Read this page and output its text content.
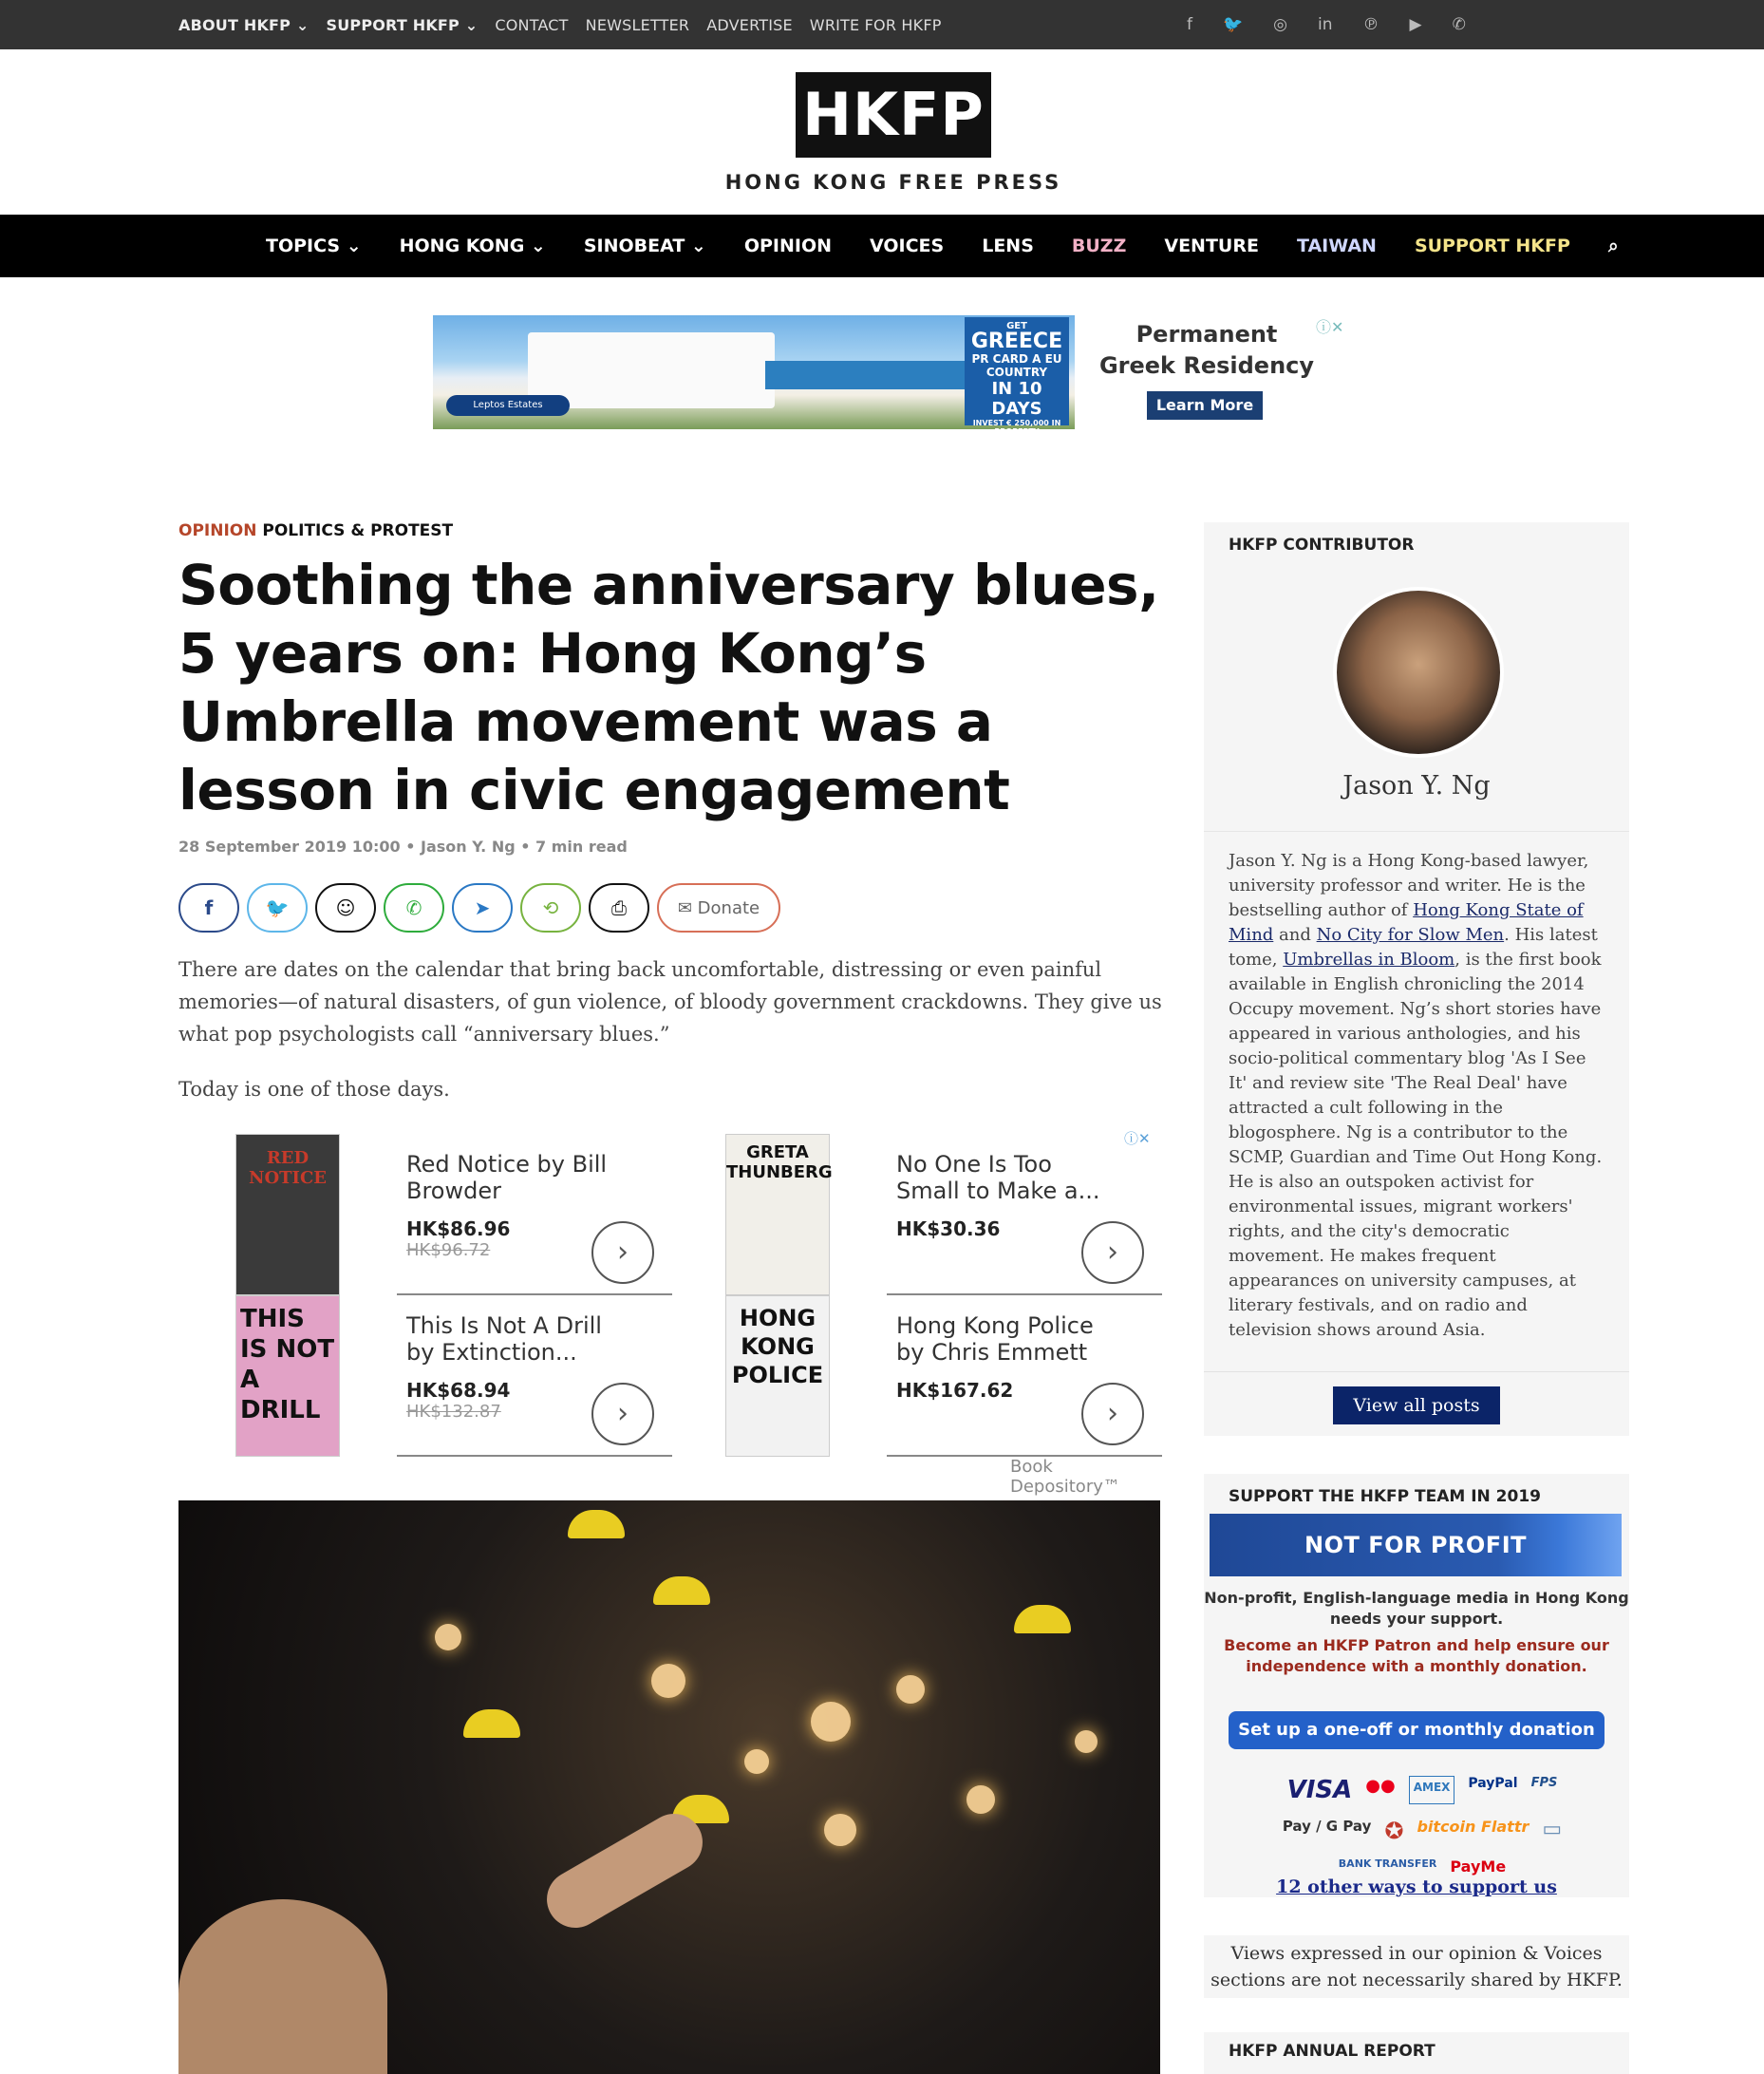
ABOUT HKFP ⌄ SUPPORT HKFP ⌄ CONTACT NEWSLETTER ADVERTISE WRITE FOR HKFP	f 🐦 ◎ in ℗ ▶ ✆
HKFP
HONG KONG FREE PRESS
TOPICS ⌄ HONG KONG ⌄ SINOBEAT ⌄ OPINION VOICES LENS BUZZ VENTURE TAIWAN SUPPORT HKFP ⌕
Leptos Estates
GET
GREECE
PR CARD A EU COUNTRY
IN 10 DAYS
INVEST € 250,000 IN PROPERTY
Permanent Greek Residency
Learn More
ⓘ✕
OPINION POLITICS & PROTEST
Soothing the anniversary blues, 5 years on: Hong Kong’s Umbrella movement was a lesson in civic engagement
28 September 2019 10:00 • Jason Y. Ng • 7 min read
f	🐦	☺	✆	➤	⟲	⎙	✉ Donate

There are dates on the calendar that bring back uncomfortable, distressing or even painful memories—of natural disasters, of gun violence, of bloody government crackdowns. They give us what pop psychologists call “anniversary blues.”

Today is one of those days.

RED NOTICE
Red Notice by Bill Browder
HK$86.96
HK$96.72	›
GRETA THUNBERG	No One Is Too Small to Make a...
HK$30.36
›
THIS IS NOT A DRILL
This Is Not A Drill by Extinction...
HK$68.94
HK$132.87	›
HONG KONG POLICE
Hong Kong Police by Chris Emmett
HK$167.62
›
ⓘ✕
Book Depository™
HKFP CONTRIBUTOR
Jason Y. Ng
Jason Y. Ng is a Hong Kong-based lawyer, university professor and writer. He is the bestselling author of Hong Kong State of Mind and No City for Slow Men. His latest tome, Umbrellas in Bloom, is the first book available in English chronicling the 2014 Occupy movement. Ng’s short stories have appeared in various anthologies, and his socio-political commentary blog 'As I See It' and review site 'The Real Deal' have attracted a cult following in the blogosphere. Ng is a contributor to the SCMP, Guardian and Time Out Hong Kong. He is also an outspoken activist for environmental issues, migrant workers' rights, and the city's democratic movement. He makes frequent appearances on university campuses, at literary festivals, and on radio and television shows around Asia.
View all posts
SUPPORT THE HKFP TEAM IN 2019
NOT FOR PROFIT
Non-profit, English-language media in Hong Kong needs your support.
Become an HKFP Patron and help ensure our independence with a monthly donation.
Set up a one-off or monthly donation
VISA ●●	AMEX	PayPal FPS
Pay / G Pay ✪ bitcoin Flattr ▭
BANK TRANSFER PayMe
12 other ways to support us
Views expressed in our opinion & Voices sections are not necessarily shared by HKFP.
HKFP ANNUAL REPORT
